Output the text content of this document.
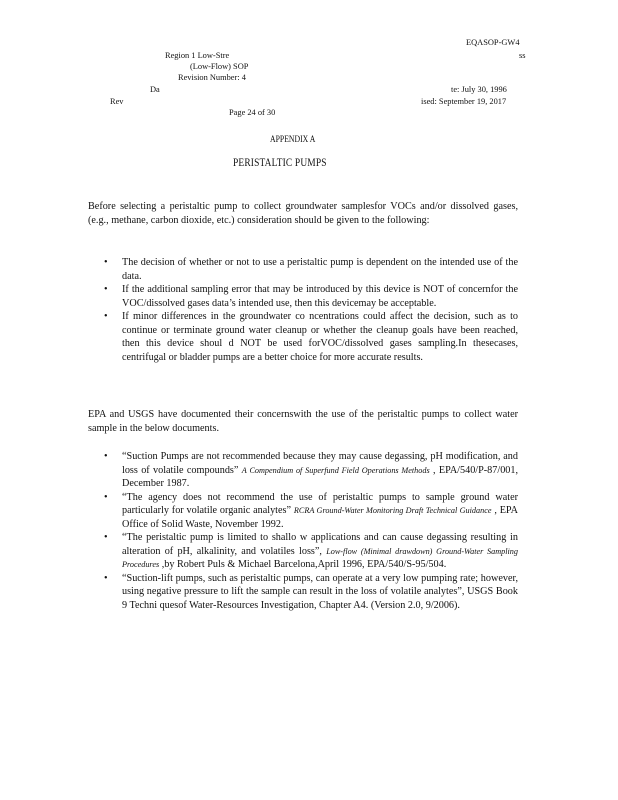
EQASOP-GW4
Region 1 Low-Stre	ss
(Low-Flow) SOP
Revision Number: 4
Da	te: July 30, 1996
Rev	ised: September 19, 2017
Page 24 of 30
APPENDIX A
PERISTALTIC PUMPS

Before selecting a peristaltic pump to collect groundwater samplesfor VOCs and/or dissolved gases, (e.g., methane, carbon dioxide, etc.) consideration should be given to the following:

• The decision of whether or not to use a peristaltic pump is dependent on the intended use of the data.
• If the additional sampling error that may be introduced by this device is NOT of concernfor the VOC/dissolved gases data’s intended use, then this devicemay be acceptable.
• If minor differences in the groundwater co ncentrations could affect the decision, such as to continue or terminate ground water cleanup or whether the cleanup goals have been reached, then this device shoul d NOT be used forVOC/dissolved gases sampling.In thesecases, centrifugal or bladder pumps are a better choice for more accurate results.

EPA and USGS have documented their concernswith the use of the peristaltic pumps to collect water sample in the below documents.

• “Suction Pumps are not recommended because they may cause degassing, pH modification, and loss of volatile compounds” A Compendium of Superfund Field Operations Methods , EPA/540/P-87/001, December 1987.
• “The agency does not recommend the use of peristaltic pumps to sample ground water particularly for volatile organic analytes” RCRA Ground-Water Monitoring Draft Technical Guidance , EPA Office of Solid Waste, November 1992.
• “The peristaltic pump is limited to shallo w applications and can cause degassing resulting in alteration of pH, alkalinity, and volatiles loss”, Low-flow (Minimal drawdown) Ground-Water Sampling Procedures ,by Robert Puls & Michael Barcelona,April 1996, EPA/540/S-95/504.
• “Suction-lift pumps, such as peristaltic pumps, can operate at a very low pumping rate; however, using negative pressure to lift the sample can result in the loss of volatile analytes”, USGS Book 9 Techni quesof Water-Resources Investigation, Chapter A4. (Version 2.0, 9/2006).
